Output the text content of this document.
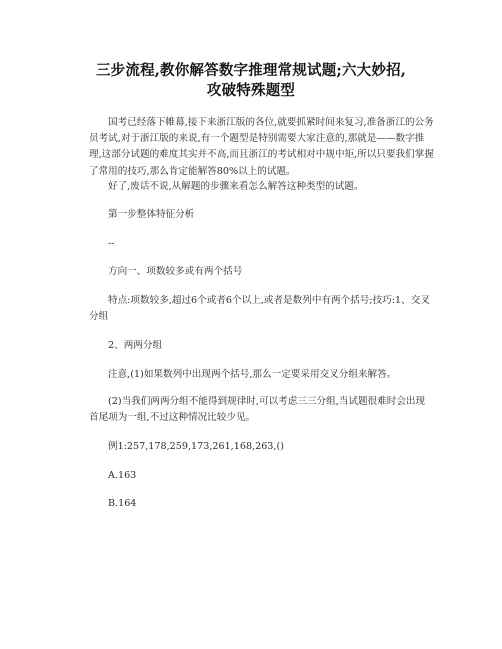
三步流程,教你解答数字推理常规试题;六大妙招,
攻破特殊题型

国考已经落下帷幕,接下来浙江版的各位,就要抓紧时间来复习,准备浙江的公务员考试,对于浙江版的来说,有一个题型是特别需要大家注意的,那就是——数字推理,这部分试题的难度其实并不高,而且浙江的考试相对中规中矩,所以只要我们掌握了常用的技巧,那么肯定能解答80%以上的试题。

好了,废话不说,从解题的步骤来看怎么解答这种类型的试题。

第一步整体特征分析

--

方向一、项数较多或有两个括号

特点:项数较多,超过6个或者6个以上,或者是数列中有两个括号;技巧:1、交叉分组

2、两两分组

注意,(1)如果数列中出现两个括号,那么一定要采用交叉分组来解答。

(2)当我们两两分组不能得到规律时,可以考虑三三分组,当试题很难时会出现首尾项为一组,不过这种情况比较少见。

例1:257,178,259,173,261,168,263,()

A.163

B.164
